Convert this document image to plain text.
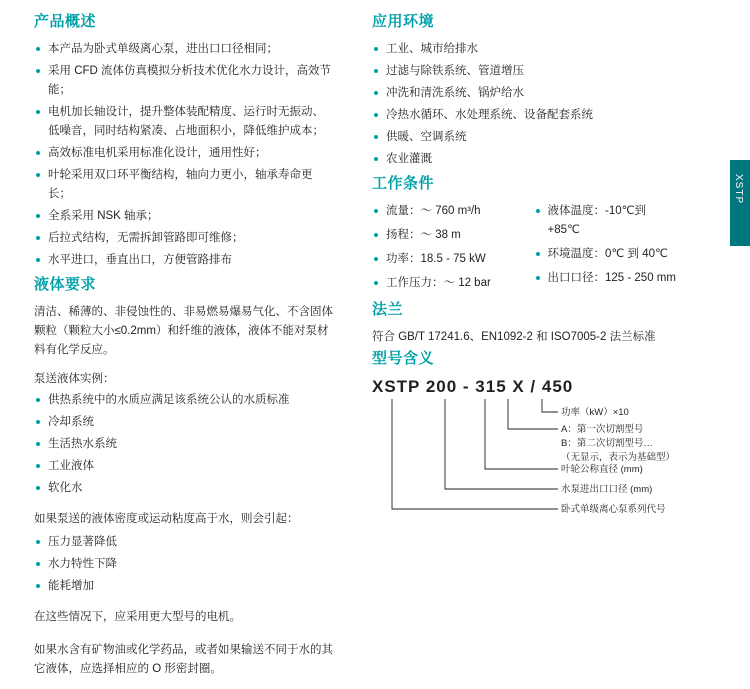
产品概述
本产品为卧式单级离心泵，进出口口径相同；
采用 CFD 流体仿真模拟分析技术优化水力设计，高效节能；
电机加长轴设计，提升整体装配精度、运行时无振动、低噪音，同时结构紧凑、占地面积小，降低维护成本；
高效标准电机采用标准化设计，通用性好；
叶轮采用双口环平衡结构，轴向力更小，轴承寿命更长；
全系采用 NSK 轴承；
后拉式结构，无需拆卸管路即可维修；
水平进口，垂直出口，方便管路排布
液体要求

清洁、稀薄的、非侵蚀性的、非易燃易爆易气化、不含固体颗粒（颗粒大小≤0.2mm）和纤维的液体，液体不能对泵材料有化学反应。

泵送液体实例：
供热系统中的水质应满足该系统公认的水质标准
冷却系统
生活热水系统
工业液体
软化水

如果泵送的液体密度或运动粘度高于水，则会引起：

压力显著降低
水力特性下降
能耗增加

在这些情况下，应采用更大型号的电机。

如果水含有矿物油或化学药品，或者如果输送不同于水的其它液体，应选择相应的 O 形密封圈。

应用环境
工业、城市给排水
过滤与除铁系统、管道增压
冲洗和清洗系统、锅炉给水
冷热水循环、水处理系统、设备配套系统
供暖、空调系统
农业灌溉
工作条件
流量：～ 760 m³/h
扬程：～ 38 m
功率：18.5 - 75 kW
工作压力：～ 12 bar
液体温度：-10℃到 +85℃
环境温度：0℃ 到 40℃
出口口径：125 - 250 mm
法兰

符合 GB/T 17241.6、EN1092-2 和 ISO7005-2 法兰标准

型号含义
XSTP 200 - 315 X / 450
功率（kW）×10
A：第一次切割型号
B：第二次切割型号…
（无显示，表示为基础型）
叶轮公称直径 (mm)
水泵进出口口径 (mm)
卧式单级离心泵系列代号
XSTP
